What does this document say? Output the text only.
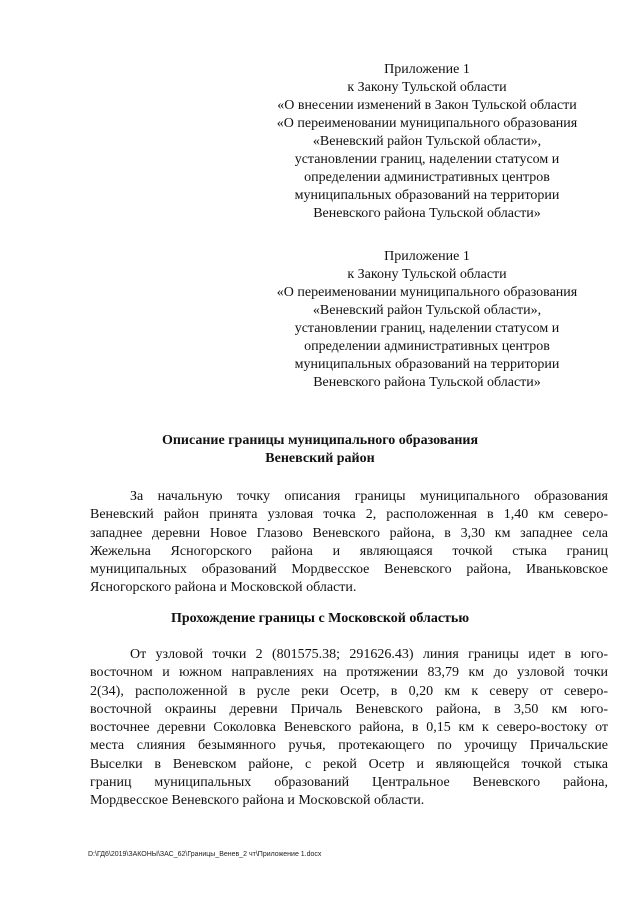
Приложение 1
к Закону Тульской области
«О внесении изменений в Закон Тульской области
«О переименовании муниципального образования
«Веневский район Тульской области»,
установлении границ, наделении статусом и
определении административных центров
муниципальных образований на территории
Веневского района Тульской области»
Приложение 1
к Закону Тульской области
«О переименовании муниципального образования
«Веневский район Тульской области»,
установлении границ, наделении статусом и
определении административных центров
муниципальных образований на территории
Веневского района Тульской области»
Описание границы муниципального образования
Веневский район
За начальную точку описания границы муниципального образования
Веневский район принята узловая точка 2, расположенная в 1,40 км северо-
западнее деревни Новое Глазово Веневского района, в 3,30 км западнее села
Жежельна Ясногорского района и являющаяся точкой стыка границ
муниципальных образований Мордвесское Веневского района, Иваньковское
Ясногорского района и Московской области.
Прохождение границы с Московской областью
От узловой точки 2 (801575.38; 291626.43) линия границы идет в юго-
восточном и южном направлениях на протяжении 83,79 км до узловой точки
2(34), расположенной в русле реки Осетр, в 0,20 км к северу от северо-
восточной окраины деревни Причаль Веневского района, в 3,50 км юго-
восточнее деревни Соколовка Веневского района, в 0,15 км к северо-востоку от
места слияния безымянного ручья, протекающего по урочищу Причальские
Выселки в Веневском районе, с рекой Осетр и являющейся точкой стыка
границ муниципальных образований Центральное Веневского района,
Мордвесское Веневского района и Московской области.
D:\ГД6\2019\ЗАКОНЫ\ЗАС_62\Границы_Венев_2 чт\Приложение 1.docx
